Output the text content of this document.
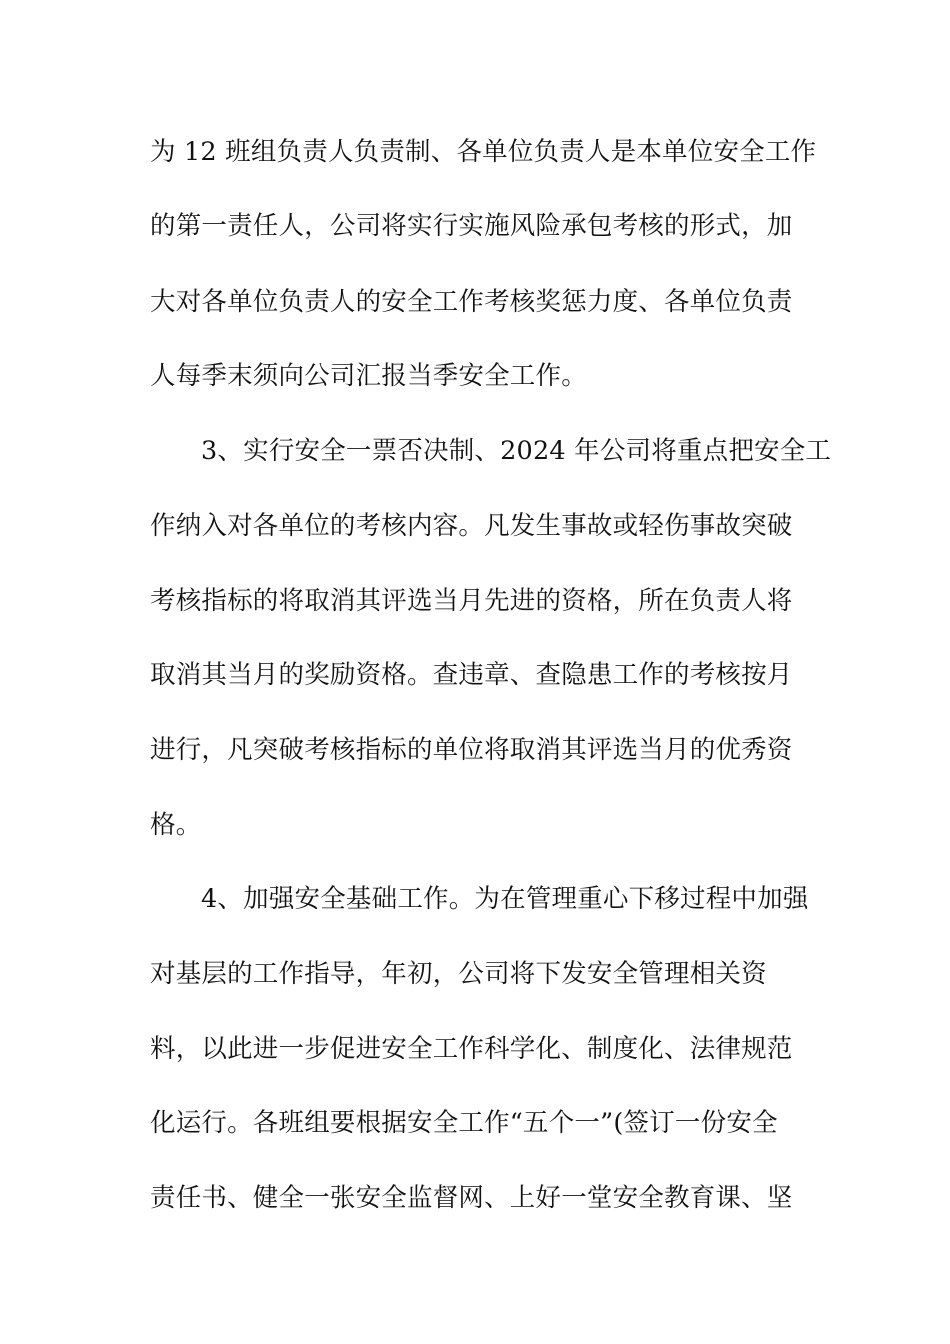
为 12 班组负责人负责制、各单位负责人是本单位安全工作
的第一责任人，公司将实行实施风险承包考核的形式，加
大对各单位负责人的安全工作考核奖惩力度、各单位负责
人每季末须向公司汇报当季安全工作。
3、实行安全一票否决制、2024 年公司将重点把安全工
作纳入对各单位的考核内容。凡发生事故或轻伤事故突破
考核指标的将取消其评选当月先进的资格，所在负责人将
取消其当月的奖励资格。查违章、查隐患工作的考核按月
进行，凡突破考核指标的单位将取消其评选当月的优秀资
格。
4、加强安全基础工作。为在管理重心下移过程中加强
对基层的工作指导，年初，公司将下发安全管理相关资
料，以此进一步促进安全工作科学化、制度化、法律规范
化运行。各班组要根据安全工作“五个一”(签订一份安全
责任书、健全一张安全监督网、上好一堂安全教育课、坚
